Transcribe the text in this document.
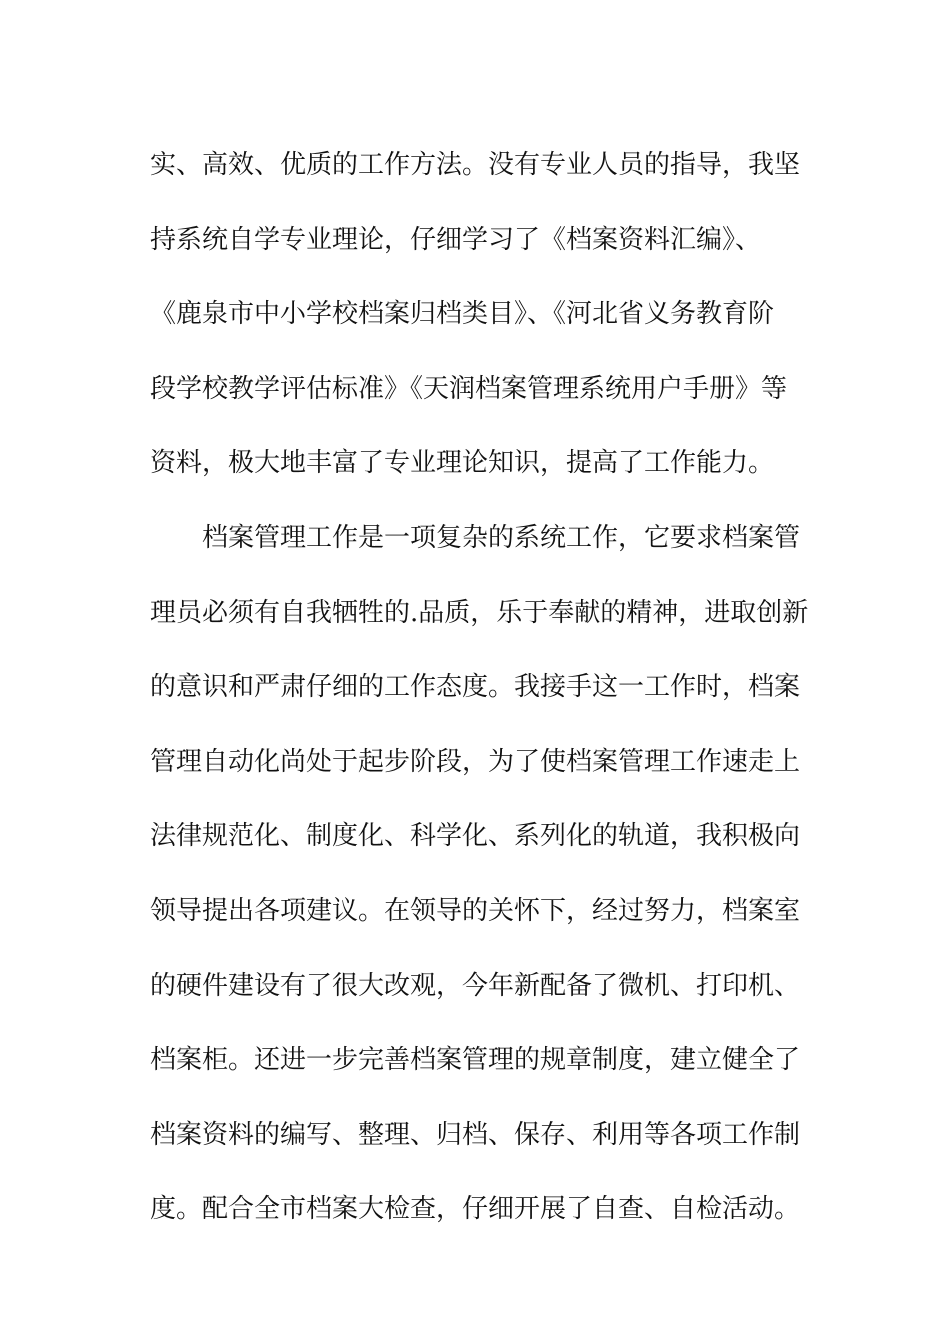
实、高效、优质的工作方法。没有专业人员的指导，我坚
持系统自学专业理论，仔细学习了《档案资料汇编》、
《鹿泉市中小学校档案归档类目》、《河北省义务教育阶
段学校教学评估标准》《天润档案管理系统用户手册》等
资料，极大地丰富了专业理论知识，提高了工作能力。
档案管理工作是一项复杂的系统工作，它要求档案管
理员必须有自我牺牲的.品质，乐于奉献的精神，进取创新
的意识和严肃仔细的工作态度。我接手这一工作时，档案
管理自动化尚处于起步阶段，为了使档案管理工作速走上
法律规范化、制度化、科学化、系列化的轨道，我积极向
领导提出各项建议。在领导的关怀下，经过努力，档案室
的硬件建设有了很大改观，今年新配备了微机、打印机、
档案柜。还进一步完善档案管理的规章制度，建立健全了
档案资料的编写、整理、归档、保存、利用等各项工作制
度。配合全市档案大检查，仔细开展了自查、自检活动。
